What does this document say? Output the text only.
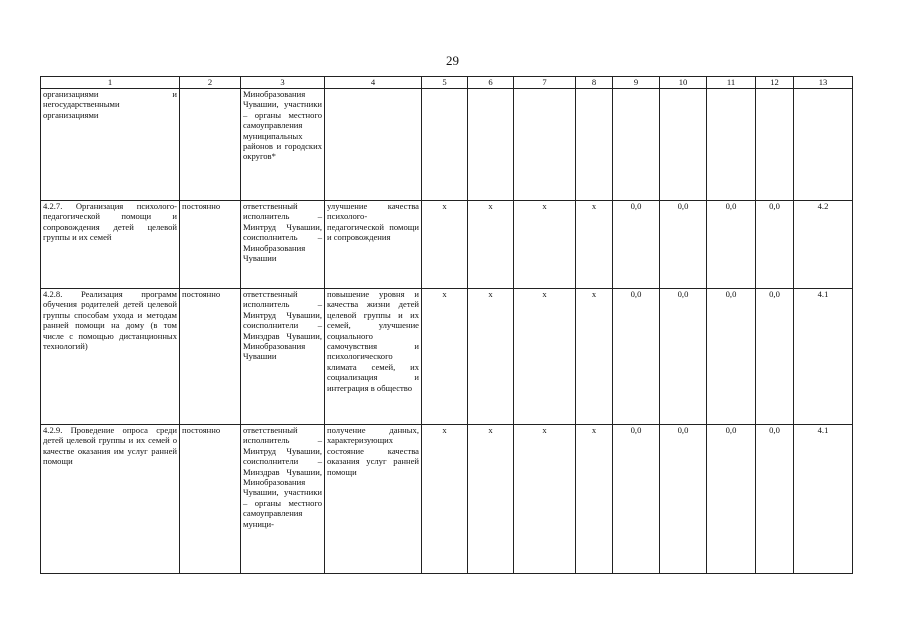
29
1	2	3	4	5	6	7	8	9	10	11	12	13
организациями и негосударственными организациями		Минобразования Чувашии, участники – органы местного самоуправления муниципальных районов и городских округов*										
4.2.7. Организация психолого-педагогической помощи и сопровождения детей целевой группы и их семей	постоянно	ответственный исполнитель – Минтруд Чувашии, соисполнитель – Минобразования Чувашии	улучшение качества психолого-педагогической помощи и сопровождения	х	х	х	х	0,0	0,0	0,0	0,0	4.2
4.2.8. Реализация программ обучения родителей детей целевой группы способам ухода и методам ранней помощи на дому (в том числе с помощью дистанционных технологий)	постоянно	ответственный исполнитель – Минтруд Чувашии, соисполнители – Минздрав Чувашии, Минобразования Чувашии	повышение уровня и качества жизни детей целевой группы и их семей, улучшение социального самочувствия и психологического климата семей, их социализация и интеграция в общество	х	х	х	х	0,0	0,0	0,0	0,0	4.1
4.2.9. Проведение опроса среди детей целевой группы и их семей о качестве оказания им услуг ранней помощи	постоянно	ответственный исполнитель – Минтруд Чувашии, соисполнители – Минздрав Чувашии, Минобразования Чувашии, участники – органы местного самоуправления муници-	получение данных, характеризующих состояние качества оказания услуг ранней помощи	х	х	х	х	0,0	0,0	0,0	0,0	4.1
